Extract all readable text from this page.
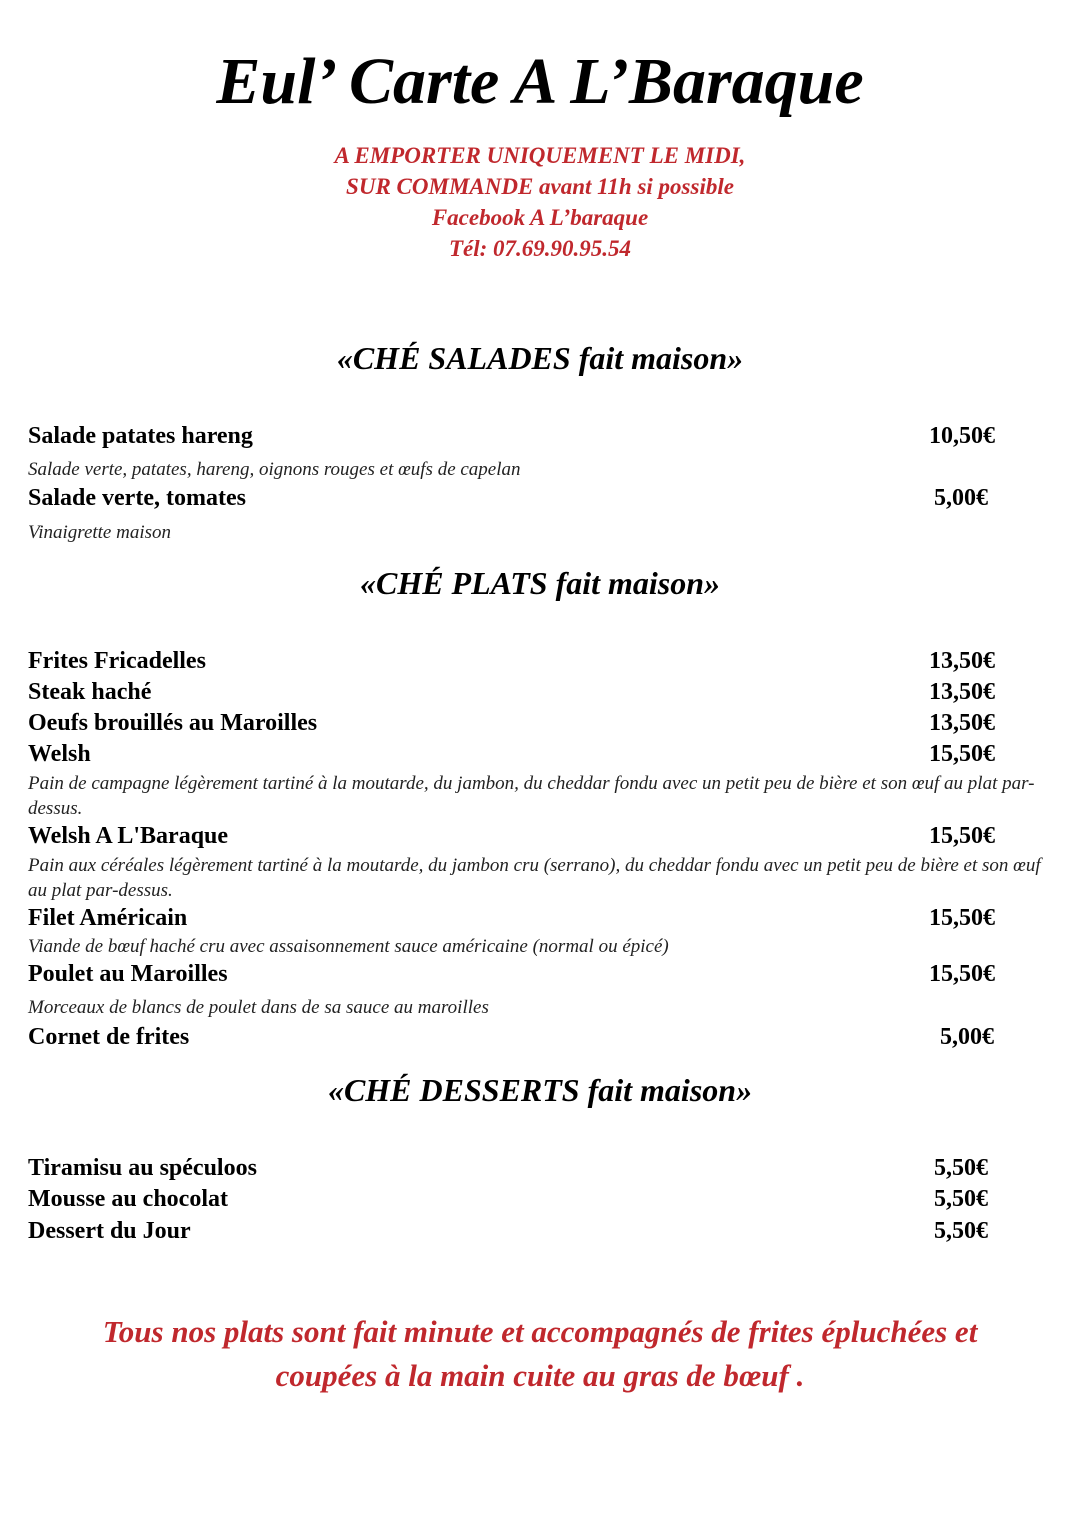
Eul’ Carte A L’Baraque
A EMPORTER UNIQUEMENT LE MIDI,
SUR COMMANDE avant 11h si possible
Facebook A L’baraque
Tél: 07.69.90.95.54
«CHÉ SALADES fait maison»
Salade patates hareng	10,50€
Salade verte, patates, hareng, oignons rouges et œufs de capelan
Salade verte, tomates	5,00€
Vinaigrette maison
«CHÉ PLATS fait maison»
Frites Fricadelles	13,50€
Steak haché	13,50€
Oeufs brouillés au Maroilles	13,50€
Welsh	15,50€
Pain de campagne légèrement tartiné à la moutarde, du jambon, du cheddar fondu avec un petit peu de bière et son œuf au plat par-dessus.
Welsh A L'Baraque	15,50€
Pain aux céréales légèrement tartiné à la moutarde, du jambon cru (serrano), du cheddar fondu avec un petit peu de bière et son œuf au plat par-dessus.
Filet Américain	15,50€
Viande de bœuf haché cru avec assaisonnement sauce américaine (normal ou épicé)
Poulet au Maroilles	15,50€
Morceaux de blancs de poulet dans de sa sauce au maroilles
Cornet de frites	5,00€
«CHÉ DESSERTS fait maison»
Tiramisu au spéculoos	5,50€
Mousse au chocolat	5,50€
Dessert du Jour	5,50€
Tous nos plats sont fait minute et accompagnés de frites épluchées et
coupées à la main cuite au gras de bœuf .
